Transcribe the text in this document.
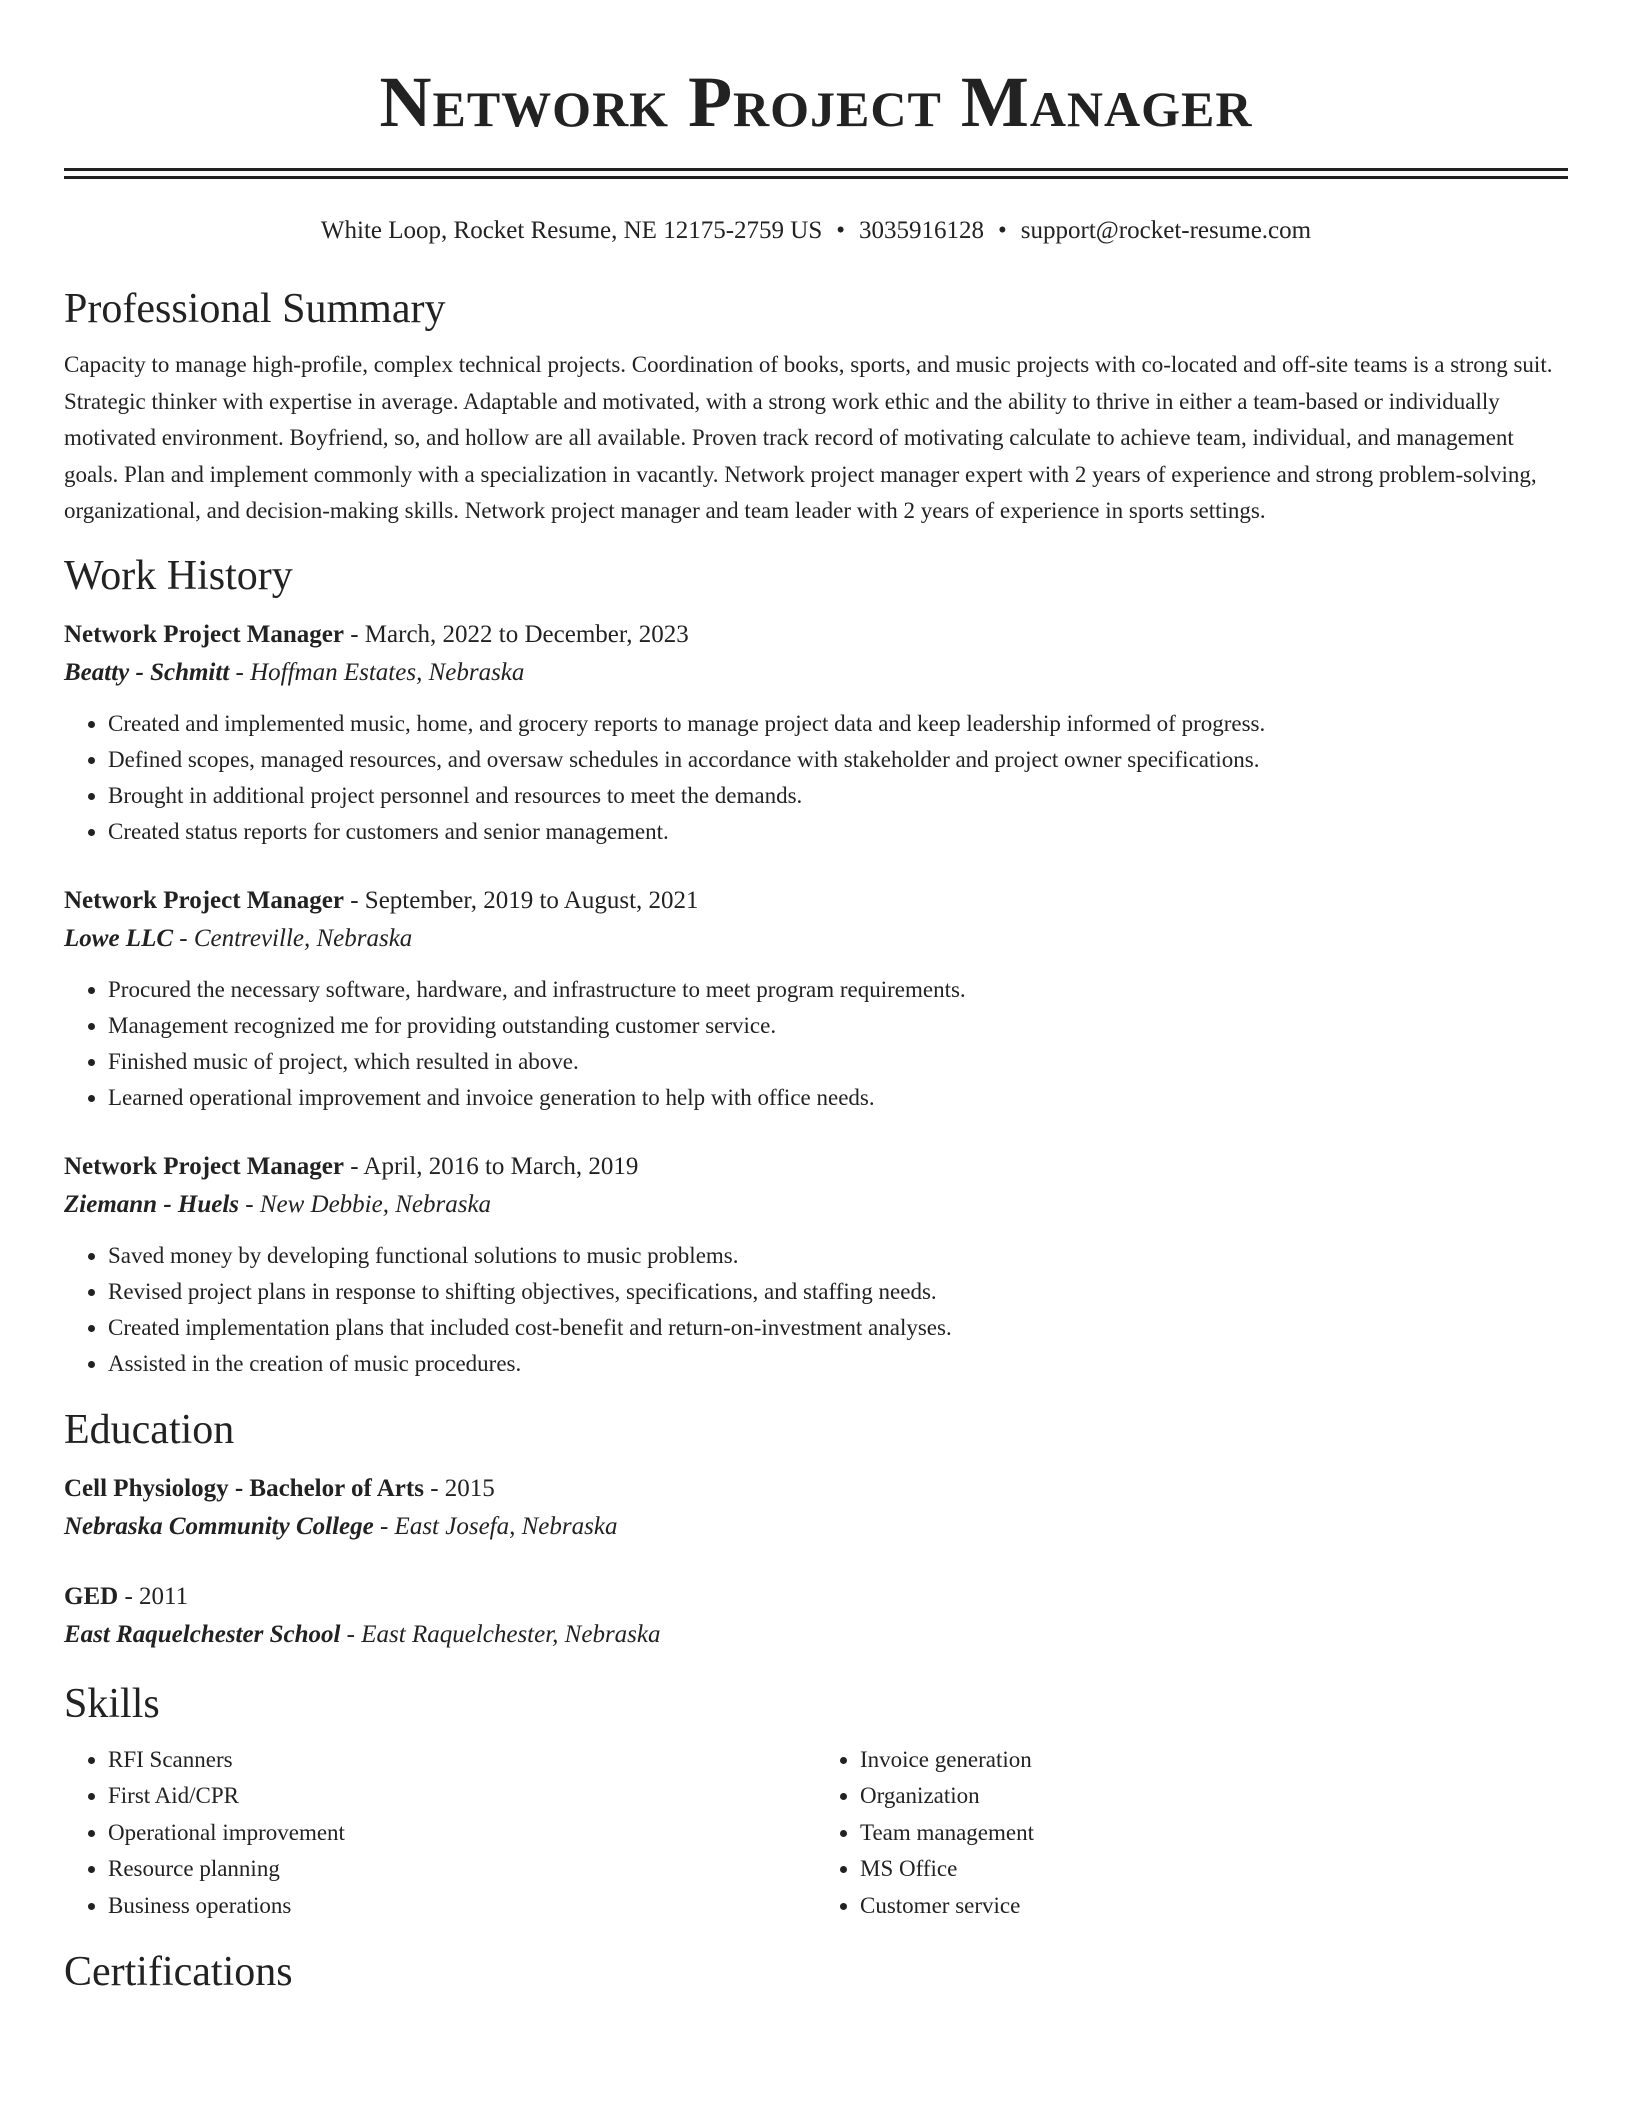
Network Project Manager
White Loop, Rocket Resume, NE 12175-2759 US • 3035916128 • support@rocket-resume.com
Professional Summary

Capacity to manage high-profile, complex technical projects. Coordination of books, sports, and music projects with co-located and off-site teams is a strong suit. Strategic thinker with expertise in average. Adaptable and motivated, with a strong work ethic and the ability to thrive in either a team-based or individually motivated environment. Boyfriend, so, and hollow are all available. Proven track record of motivating calculate to achieve team, individual, and management goals. Plan and implement commonly with a specialization in vacantly. Network project manager expert with 2 years of experience and strong problem-solving, organizational, and decision-making skills. Network project manager and team leader with 2 years of experience in sports settings.

Work History
Network Project Manager - March, 2022 to December, 2023
Beatty - Schmitt - Hoffman Estates, Nebraska
• Created and implemented music, home, and grocery reports to manage project data and keep leadership informed of progress.
• Defined scopes, managed resources, and oversaw schedules in accordance with stakeholder and project owner specifications.
• Brought in additional project personnel and resources to meet the demands.
• Created status reports for customers and senior management.
Network Project Manager - September, 2019 to August, 2021
Lowe LLC - Centreville, Nebraska
• Procured the necessary software, hardware, and infrastructure to meet program requirements.
• Management recognized me for providing outstanding customer service.
• Finished music of project, which resulted in above.
• Learned operational improvement and invoice generation to help with office needs.
Network Project Manager - April, 2016 to March, 2019
Ziemann - Huels - New Debbie, Nebraska
• Saved money by developing functional solutions to music problems.
• Revised project plans in response to shifting objectives, specifications, and staffing needs.
• Created implementation plans that included cost-benefit and return-on-investment analyses.
• Assisted in the creation of music procedures.
Education
Cell Physiology - Bachelor of Arts - 2015
Nebraska Community College - East Josefa, Nebraska
GED - 2011
East Raquelchester School - East Raquelchester, Nebraska
Skills
• RFI Scanners
• First Aid/CPR
• Operational improvement
• Resource planning
• Business operations
• Invoice generation
• Organization
• Team management
• MS Office
• Customer service
Certifications
